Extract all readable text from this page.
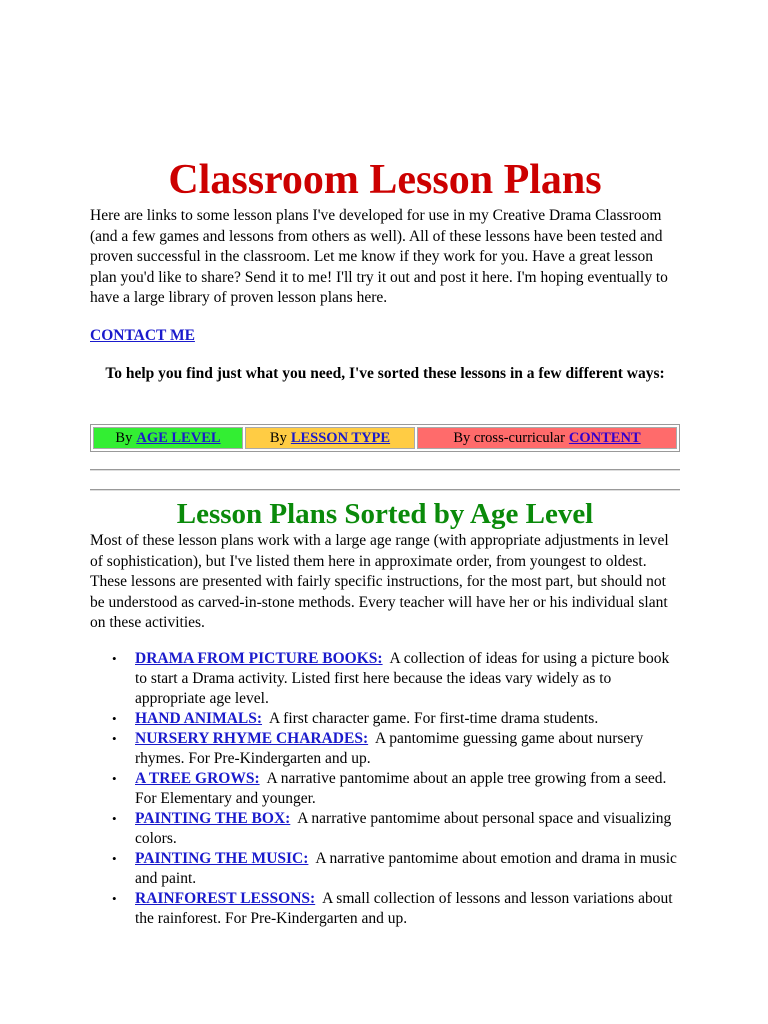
Classroom Lesson Plans

Here are links to some lesson plans I've developed for use in my Creative Drama Classroom (and a few games and lessons from others as well). All of these lessons have been tested and proven successful in the classroom. Let me know if they work for you. Have a great lesson plan you'd like to share? Send it to me! I'll try it out and post it here. I'm hoping eventually to have a large library of proven lesson plans here.

CONTACT ME

To help you find just what you need, I've sorted these lessons in a few different ways:

By AGE LEVEL	By LESSON TYPE	By cross-curricular CONTENT
Lesson Plans Sorted by Age Level

Most of these lesson plans work with a large age range (with appropriate adjustments in level of sophistication), but I've listed them here in approximate order, from youngest to oldest. These lessons are presented with fairly specific instructions, for the most part, but should not be understood as carved-in-stone methods. Every teacher will have her or his individual slant on these activities.

• DRAMA FROM PICTURE BOOKS: A collection of ideas for using a picture book to start a Drama activity. Listed first here because the ideas vary widely as to appropriate age level.
• HAND ANIMALS: A first character game. For first-time drama students.
• NURSERY RHYME CHARADES: A pantomime guessing game about nursery rhymes. For Pre-Kindergarten and up.
• A TREE GROWS: A narrative pantomime about an apple tree growing from a seed. For Elementary and younger.
• PAINTING THE BOX: A narrative pantomime about personal space and visualizing colors.
• PAINTING THE MUSIC: A narrative pantomime about emotion and drama in music and paint.
• RAINFOREST LESSONS: A small collection of lessons and lesson variations about the rainforest. For Pre-Kindergarten and up.
